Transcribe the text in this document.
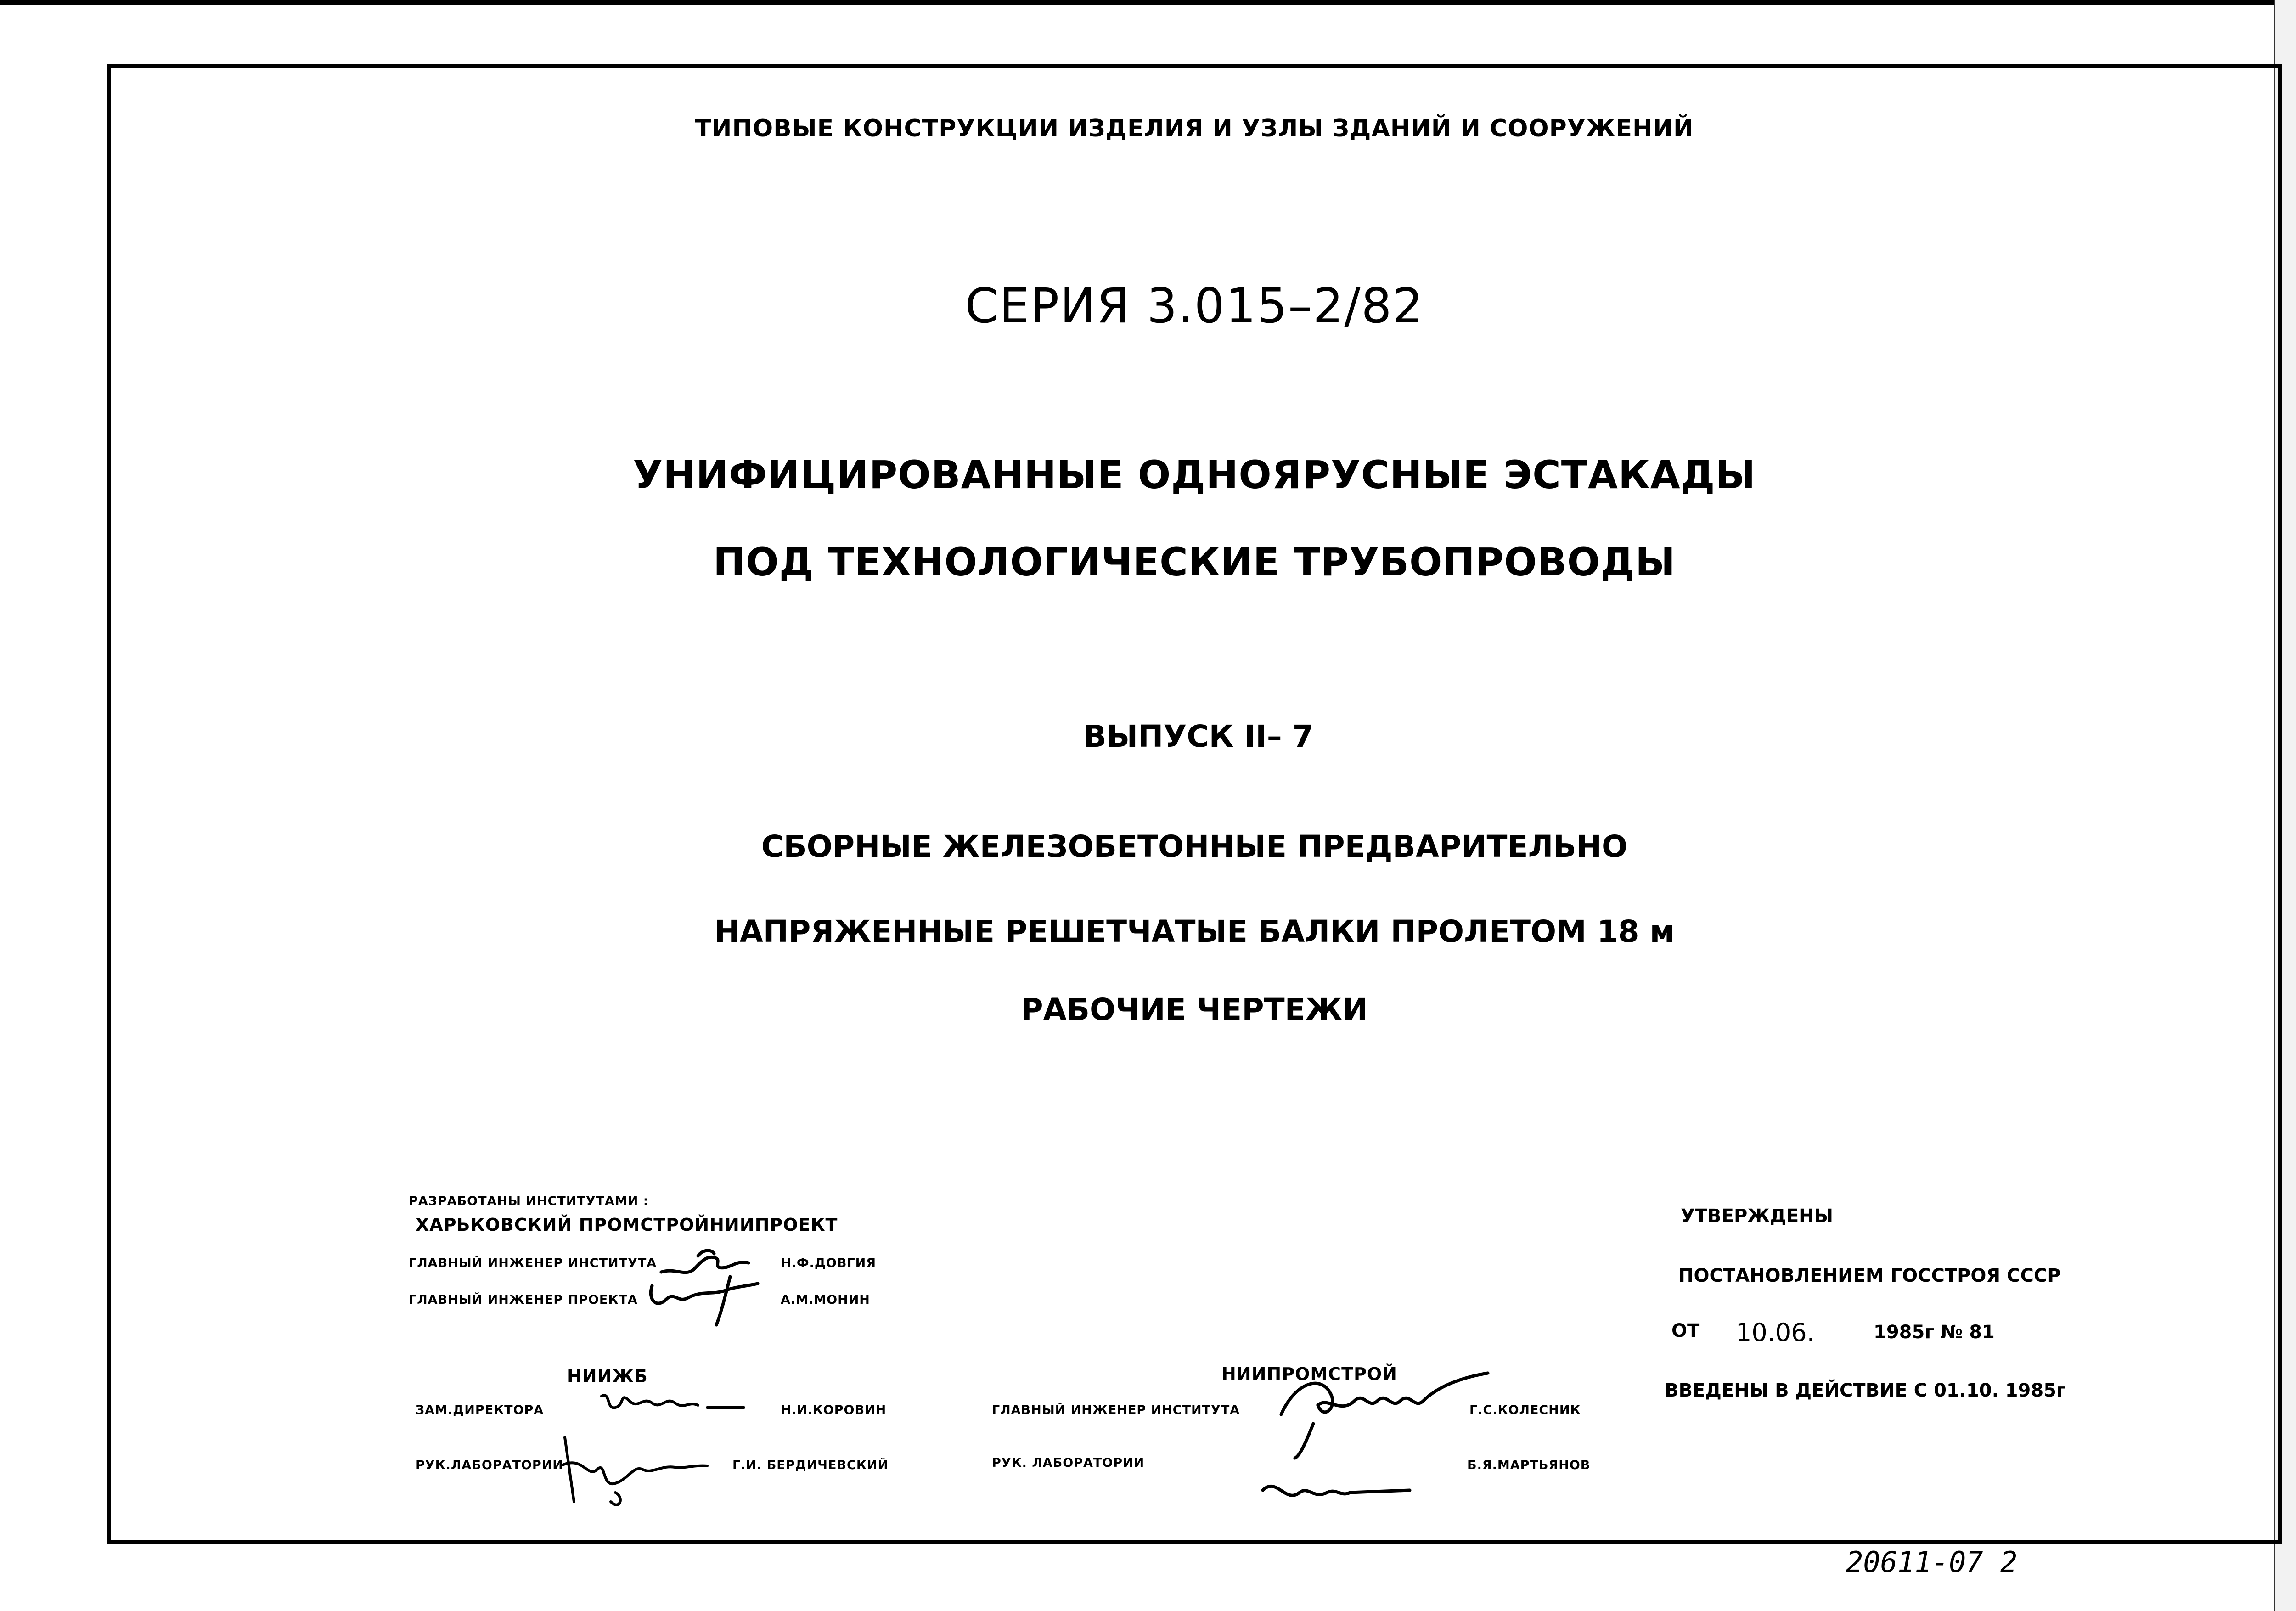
ТИПОВЫЕ КОНСТРУКЦИИ ИЗДЕЛИЯ И УЗЛЫ ЗДАНИЙ И СООРУЖЕНИЙ
СЕРИЯ 3.015–2/82
УНИФИЦИРОВАННЫЕ ОДНОЯРУСНЫЕ ЭСТАКАДЫ
ПОД ТЕХНОЛОГИЧЕСКИЕ ТРУБОПРОВОДЫ
ВЫПУСК II– 7
СБОРНЫЕ ЖЕЛЕЗОБЕТОННЫЕ ПРЕДВАРИТЕЛЬНО
НАПРЯЖЕННЫЕ РЕШЕТЧАТЫЕ БАЛКИ ПРОЛЕТОМ 18 м
РАБОЧИЕ ЧЕРТЕЖИ
РАЗРАБОТАНЫ ИНСТИТУТАМИ :
ХАРЬКОВСКИЙ ПРОМСТРОЙНИИПРОЕКТ
ГЛАВНЫЙ ИНЖЕНЕР ИНСТИТУТА	Н.Ф.ДОВГИЯ
ГЛАВНЫЙ ИНЖЕНЕР ПРОЕКТА	А.М.МОНИН
НИИЖБ
ЗАМ.ДИРЕКТОРА	Н.И.КОРОВИН
РУК.ЛАБОРАТОРИИ	Г.И. БЕРДИЧЕВСКИЙ
НИИПРОМСТРОЙ
ГЛАВНЫЙ ИНЖЕНЕР ИНСТИТУТА	Г.С.КОЛЕСНИК
РУК. ЛАБОРАТОРИИ	Б.Я.МАРТЬЯНОВ
УТВЕРЖДЕНЫ
ПОСТАНОВЛЕНИЕМ ГОССТРОЯ СССР
ОТ 10.06.	1985г № 81
ВВЕДЕНЫ В ДЕЙСТВИЕ С 01.10. 1985г
20611-07 2
